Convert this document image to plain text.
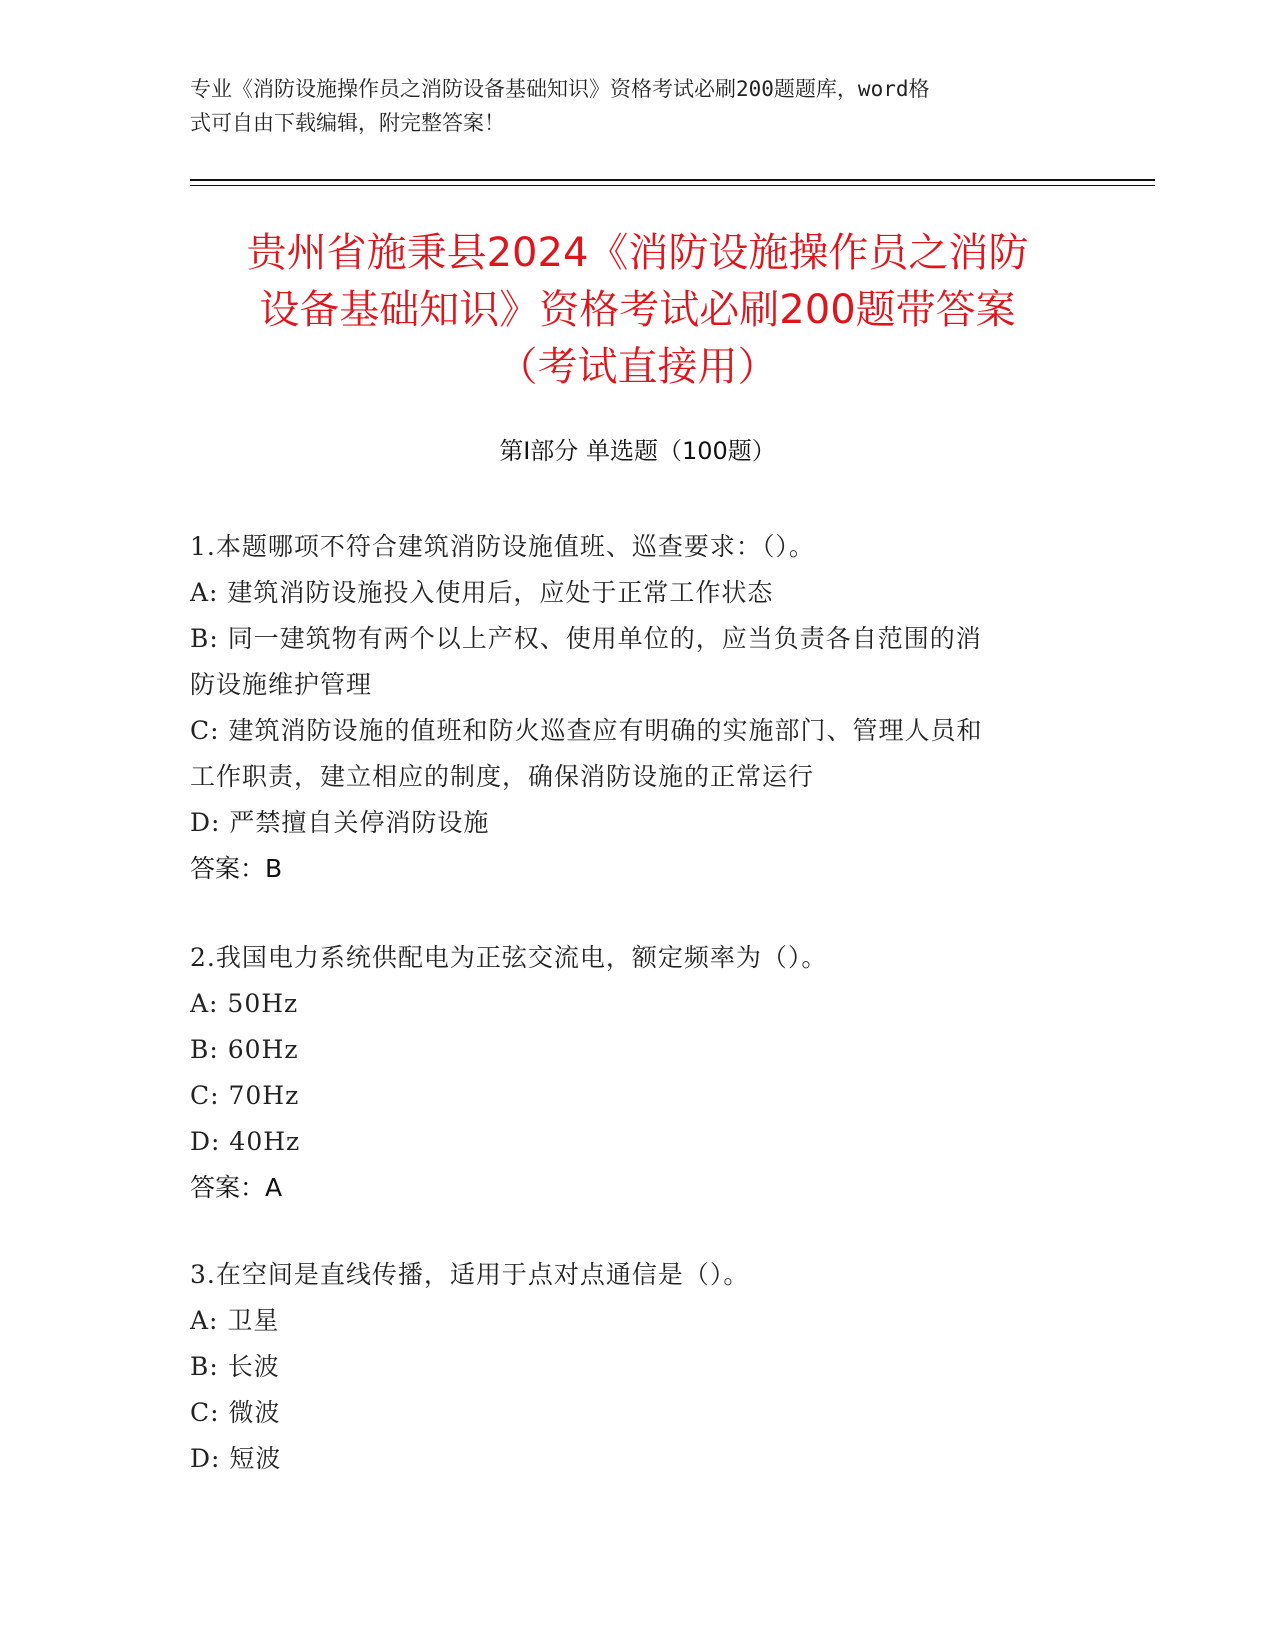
专业《消防设施操作员之消防设备基础知识》资格考试必刷200题题库，word格
式可自由下载编辑，附完整答案！
贵州省施秉县2024《消防设施操作员之消防
设备基础知识》资格考试必刷200题带答案
（考试直接用）
第I部分 单选题（100题）
1.本题哪项不符合建筑消防设施值班、巡查要求：（）。
A: 建筑消防设施投入使用后，应处于正常工作状态
B: 同一建筑物有两个以上产权、使用单位的，应当负责各自范围的消
防设施维护管理
C: 建筑消防设施的值班和防火巡查应有明确的实施部门、管理人员和
工作职责，建立相应的制度，确保消防设施的正常运行
D: 严禁擅自关停消防设施
答案：B
2.我国电力系统供配电为正弦交流电，额定频率为（）。
A: 50Hz
B: 60Hz
C: 70Hz
D: 40Hz
答案：A
3.在空间是直线传播，适用于点对点通信是（）。
A: 卫星
B: 长波
C: 微波
D: 短波
